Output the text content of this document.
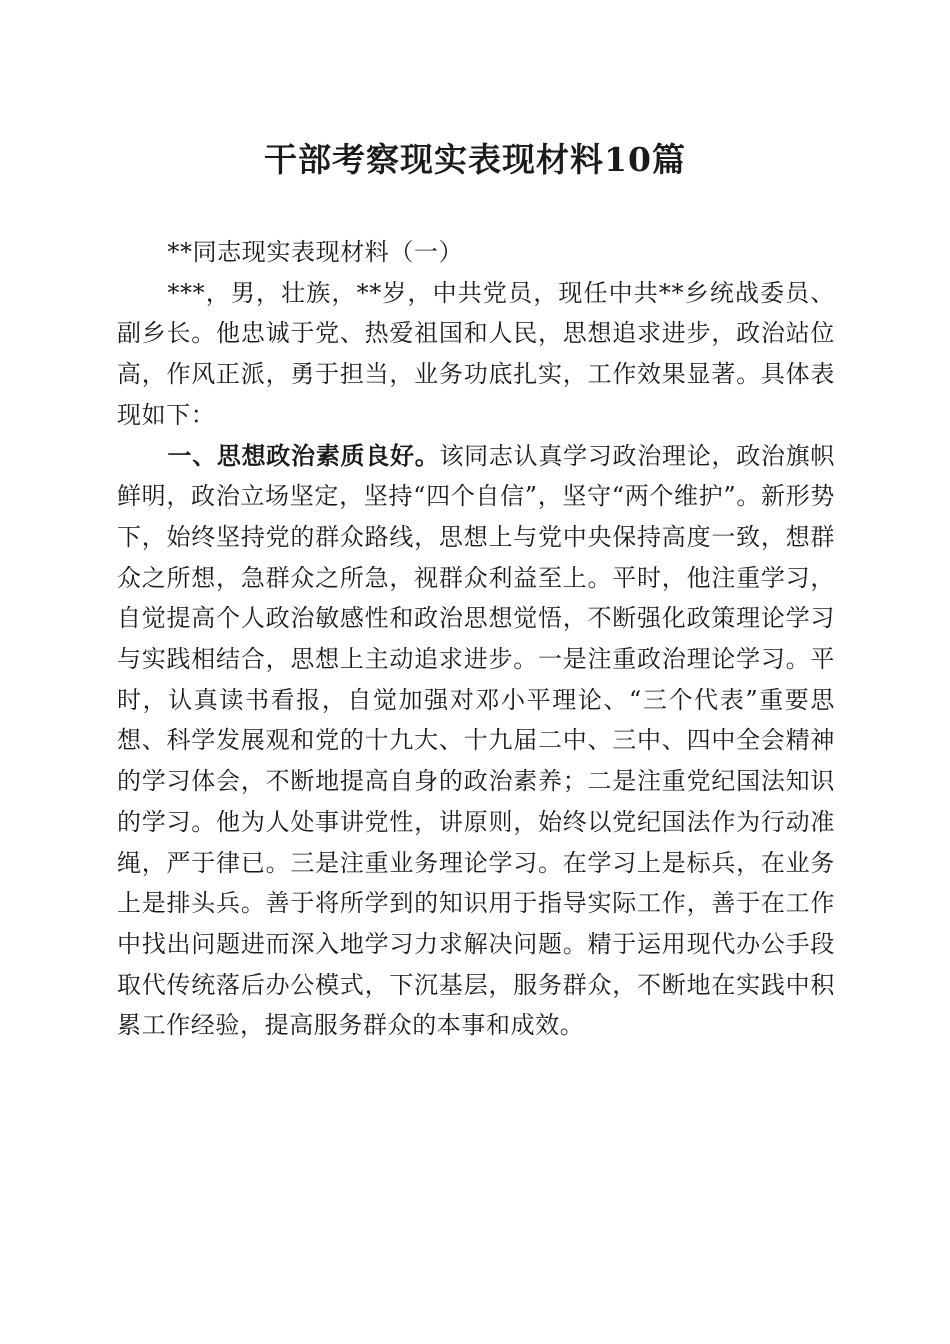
干部考察现实表现材料10篇

**同志现实表现材料（一）

***，男，壮族，**岁，中共党员，现任中共**乡统战委员、副乡长。他忠诚于党、热爱祖国和人民，思想追求进步，政治站位高，作风正派，勇于担当，业务功底扎实，工作效果显著。具体表现如下：

一、思想政治素质良好。该同志认真学习政治理论，政治旗帜鲜明，政治立场坚定，坚持“四个自信”，坚守“两个维护”。新形势下，始终坚持党的群众路线，思想上与党中央保持高度一致，想群众之所想，急群众之所急，视群众利益至上。平时，他注重学习，自觉提高个人政治敏感性和政治思想觉悟，不断强化政策理论学习与实践相结合，思想上主动追求进步。一是注重政治理论学习。平时，认真读书看报，自觉加强对邓小平理论、“三个代表”重要思想、科学发展观和党的十九大、十九届二中、三中、四中全会精神的学习体会，不断地提高自身的政治素养；二是注重党纪国法知识的学习。他为人处事讲党性，讲原则，始终以党纪国法作为行动准绳，严于律已。三是注重业务理论学习。在学习上是标兵，在业务上是排头兵。善于将所学到的知识用于指导实际工作，善于在工作中找出问题进而深入地学习力求解决问题。精于运用现代办公手段取代传统落后办公模式，下沉基层，服务群众，不断地在实践中积累工作经验，提高服务群众的本事和成效。
